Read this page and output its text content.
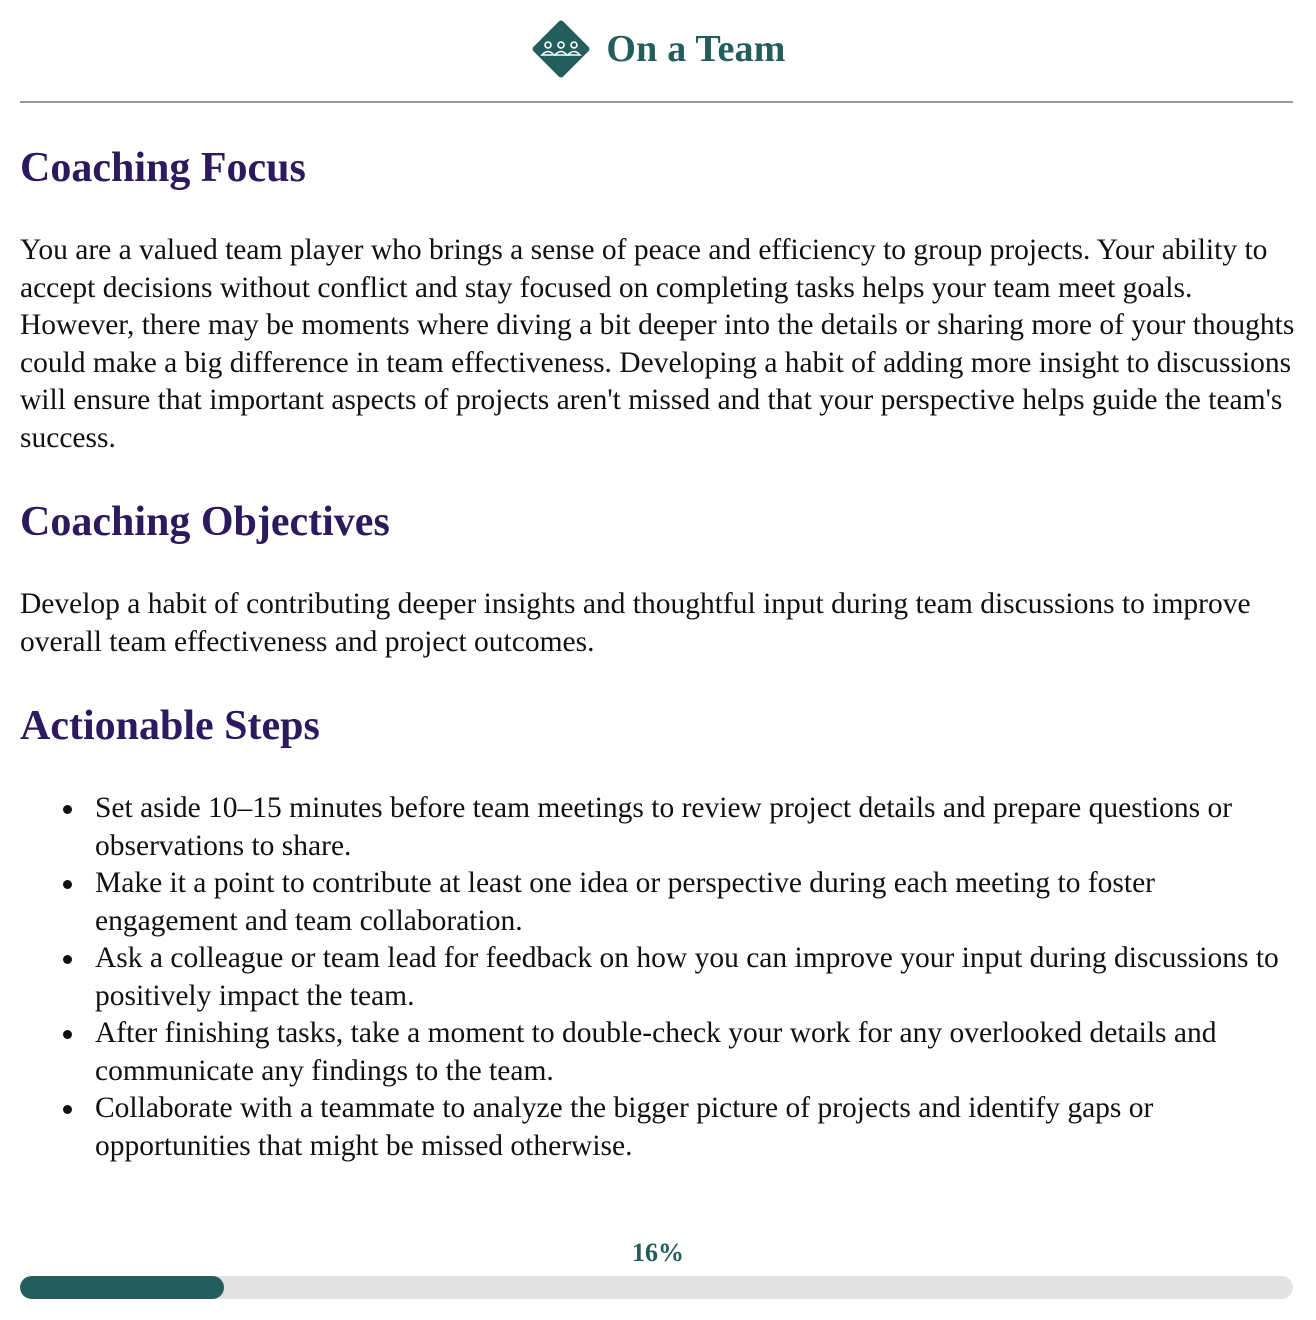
On a Team
Coaching Focus

You are a valued team player who brings a sense of peace and efficiency to group projects. Your ability to accept decisions without conflict and stay focused on completing tasks helps your team meet goals. However, there may be moments where diving a bit deeper into the details or sharing more of your thoughts could make a big difference in team effectiveness. Developing a habit of adding more insight to discussions will ensure that important aspects of projects aren't missed and that your perspective helps guide the team's success.

Coaching Objectives

Develop a habit of contributing deeper insights and thoughtful input during team discussions to improve overall team effectiveness and project outcomes.

Actionable Steps
Set aside 10–15 minutes before team meetings to review project details and prepare questions or observations to share.
Make it a point to contribute at least one idea or perspective during each meeting to foster engagement and team collaboration.
Ask a colleague or team lead for feedback on how you can improve your input during discussions to positively impact the team.
After finishing tasks, take a moment to double-check your work for any overlooked details and communicate any findings to the team.
Collaborate with a teammate to analyze the bigger picture of projects and identify gaps or opportunities that might be missed otherwise.
16%
